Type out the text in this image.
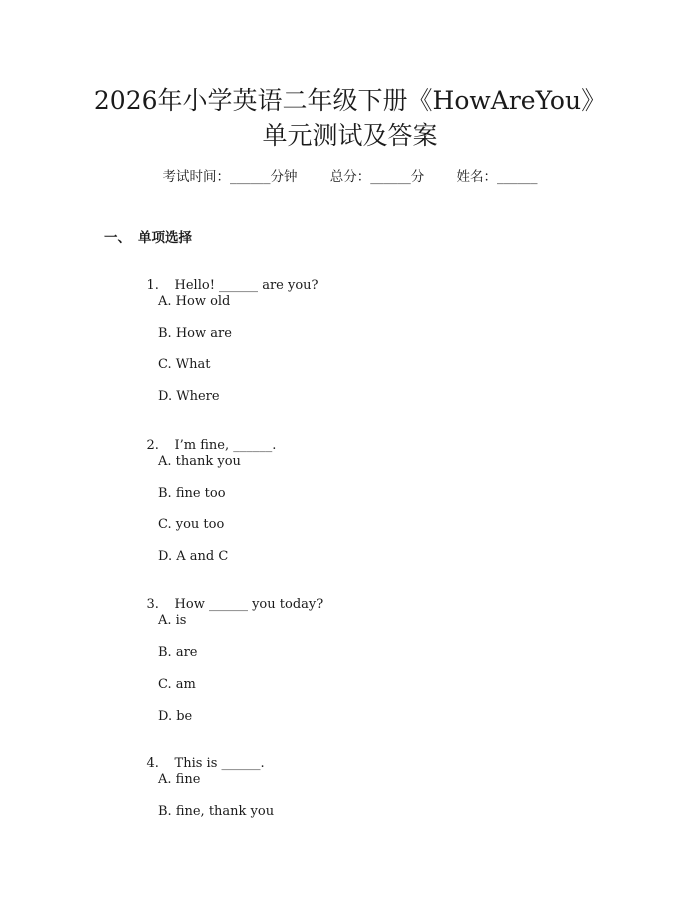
2026年小学英语二年级下册《HowAreYou》
单元测试及答案
考试时间：______分钟 总分：______分 姓名：______
一、 单项选择

1. Hello! ______ are you?

A. How old
B. How are
C. What
D. Where

2. I’m fine, ______.

A. thank you
B. fine too
C. you too
D. A and C

3. How ______ you today?

A. is
B. are
C. am
D. be

4. This is ______.

A. fine
B. fine, thank you
